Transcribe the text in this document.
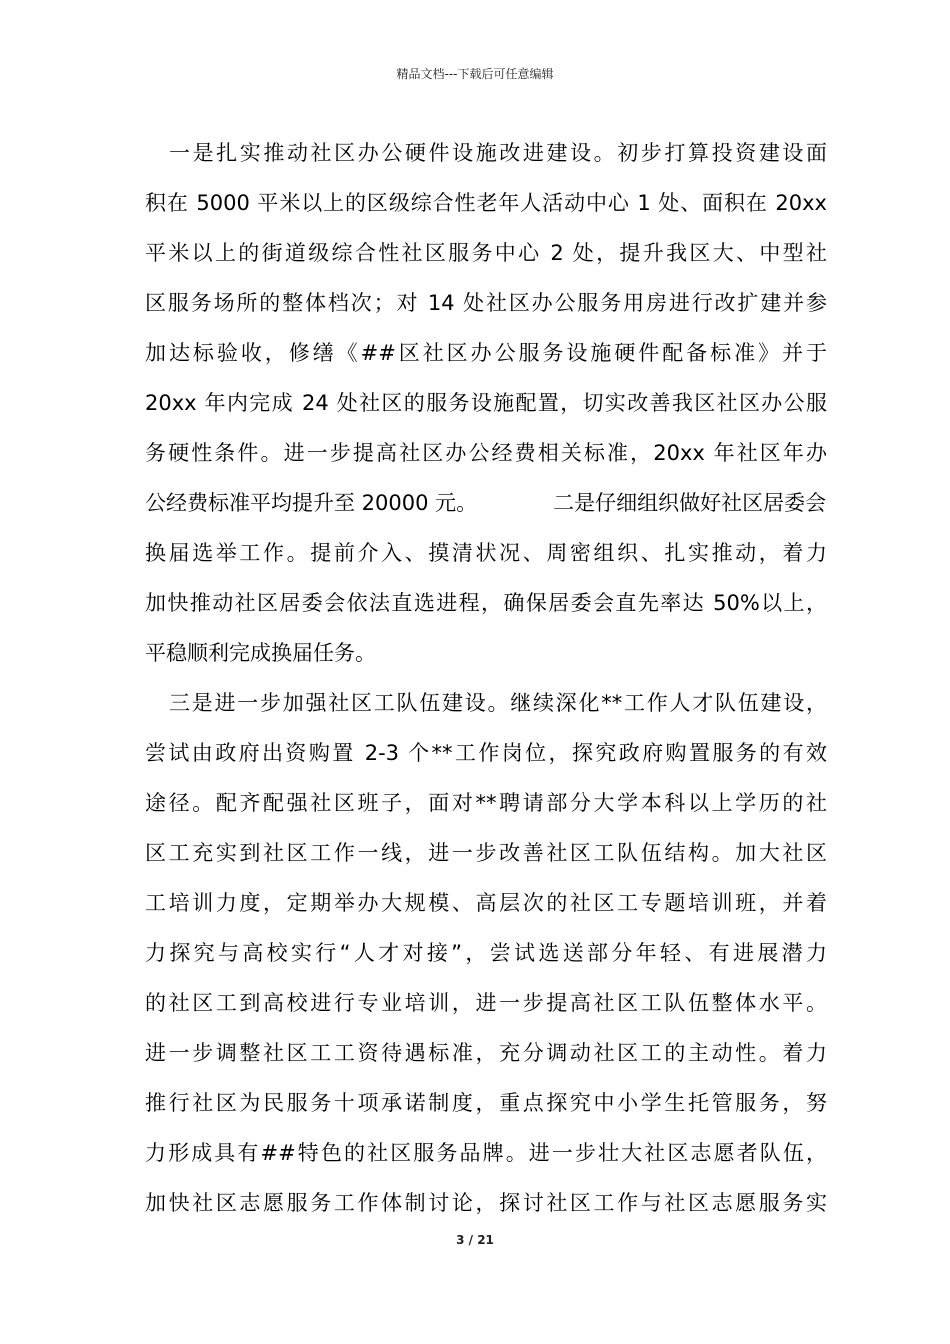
精品文档---下载后可任意编辑
一是扎实推动社区办公硬件设施改进建设。初步打算投资建设面
积在 5000 平米以上的区级综合性老年人活动中心 1 处、面积在 20xx
平米以上的街道级综合性社区服务中心 2 处，提升我区大、中型社
区服务场所的整体档次；对 14 处社区办公服务用房进行改扩建并参
加达标验收，修缮《##区社区办公服务设施硬件配备标准》并于
20xx 年内完成 24 处社区的服务设施配置，切实改善我区社区办公服
务硬性条件。进一步提高社区办公经费相关标准，20xx 年社区年办
公经费标准平均提升至 20000 元。	二是仔细组织做好社区居委会
换届选举工作。提前介入、摸清状况、周密组织、扎实推动，着力
加快推动社区居委会依法直选进程，确保居委会直先率达 50%以上，
平稳顺利完成换届任务。
三是进一步加强社区工队伍建设。继续深化**工作人才队伍建设，
尝试由政府出资购置 2-3 个**工作岗位，探究政府购置服务的有效
途径。配齐配强社区班子，面对**聘请部分大学本科以上学历的社
区工充实到社区工作一线，进一步改善社区工队伍结构。加大社区
工培训力度，定期举办大规模、高层次的社区工专题培训班，并着
力探究与高校实行“人才对接”，尝试选送部分年轻、有进展潜力
的社区工到高校进行专业培训，进一步提高社区工队伍整体水平。
进一步调整社区工工资待遇标准，充分调动社区工的主动性。着力
推行社区为民服务十项承诺制度，重点探究中小学生托管服务，努
力形成具有##特色的社区服务品牌。进一步壮大社区志愿者队伍，
加快社区志愿服务工作体制讨论，探讨社区工作与社区志愿服务实
3 / 21
